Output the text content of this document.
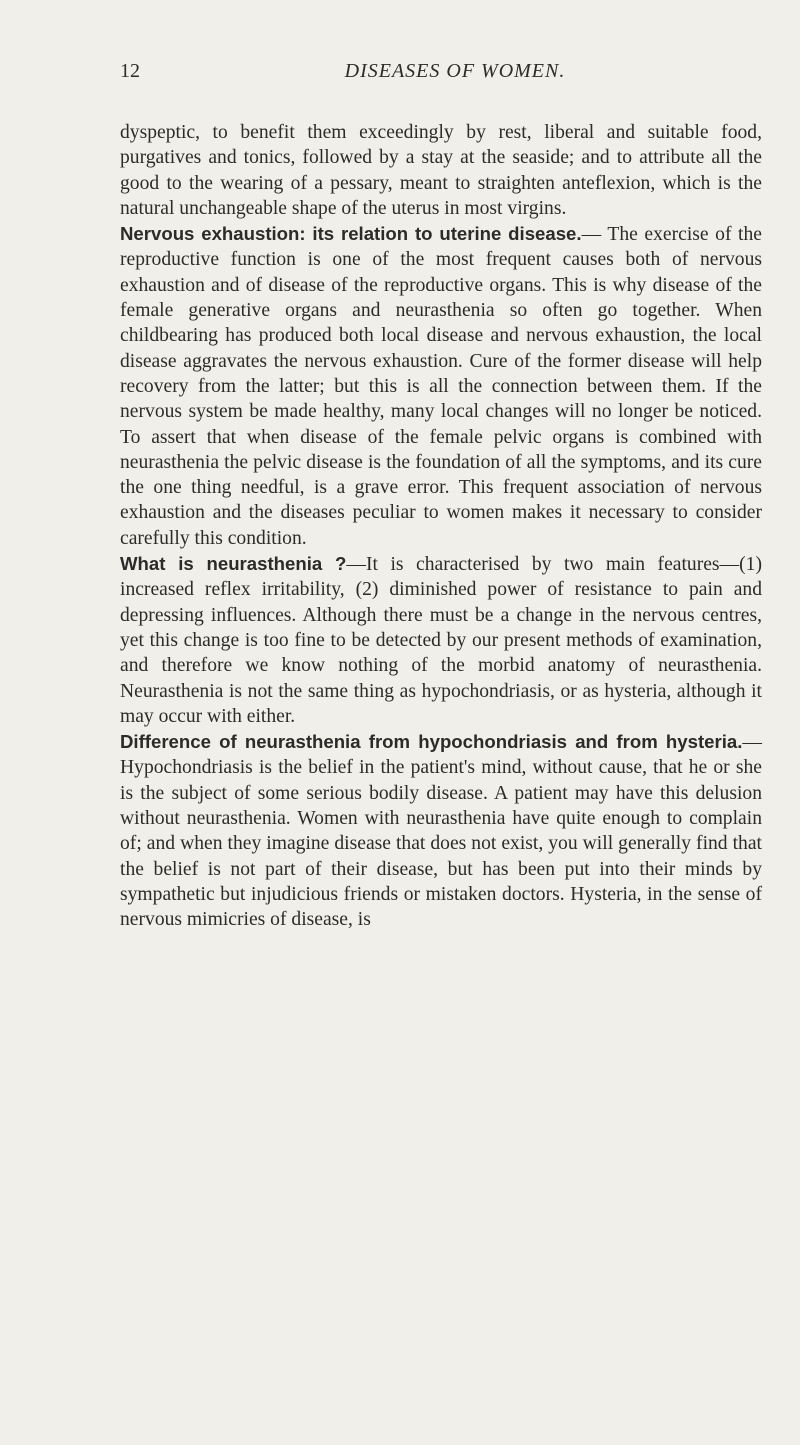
12	DISEASES OF WOMEN.

dyspeptic, to benefit them exceedingly by rest, liberal and suitable food, purgatives and tonics, followed by a stay at the seaside; and to attribute all the good to the wearing of a pessary, meant to straighten anteflexion, which is the natural unchangeable shape of the uterus in most virgins.

Nervous exhaustion: its relation to uterine disease.— The exercise of the reproductive function is one of the most frequent causes both of nervous exhaustion and of disease of the reproductive organs. This is why disease of the female generative organs and neurasthenia so often go together. When childbearing has produced both local disease and nervous exhaustion, the local disease aggravates the nervous exhaustion. Cure of the former disease will help recovery from the latter; but this is all the connection between them. If the nervous system be made healthy, many local changes will no longer be noticed. To assert that when disease of the female pelvic organs is combined with neurasthenia the pelvic disease is the foundation of all the symptoms, and its cure the one thing needful, is a grave error. This frequent association of nervous exhaustion and the diseases peculiar to women makes it necessary to consider carefully this condition.

What is neurasthenia ?—It is characterised by two main features—(1) increased reflex irritability, (2) diminished power of resistance to pain and depressing influences. Although there must be a change in the nervous centres, yet this change is too fine to be detected by our present methods of examination, and therefore we know nothing of the morbid anatomy of neurasthenia. Neurasthenia is not the same thing as hypochondriasis, or as hysteria, although it may occur with either.

Difference of neurasthenia from hypochondriasis and from hysteria.—Hypochondriasis is the belief in the patient's mind, without cause, that he or she is the subject of some serious bodily disease. A patient may have this delusion without neurasthenia. Women with neurasthenia have quite enough to complain of; and when they imagine disease that does not exist, you will generally find that the belief is not part of their disease, but has been put into their minds by sympathetic but injudicious friends or mistaken doctors. Hysteria, in the sense of nervous mimicries of disease, is
